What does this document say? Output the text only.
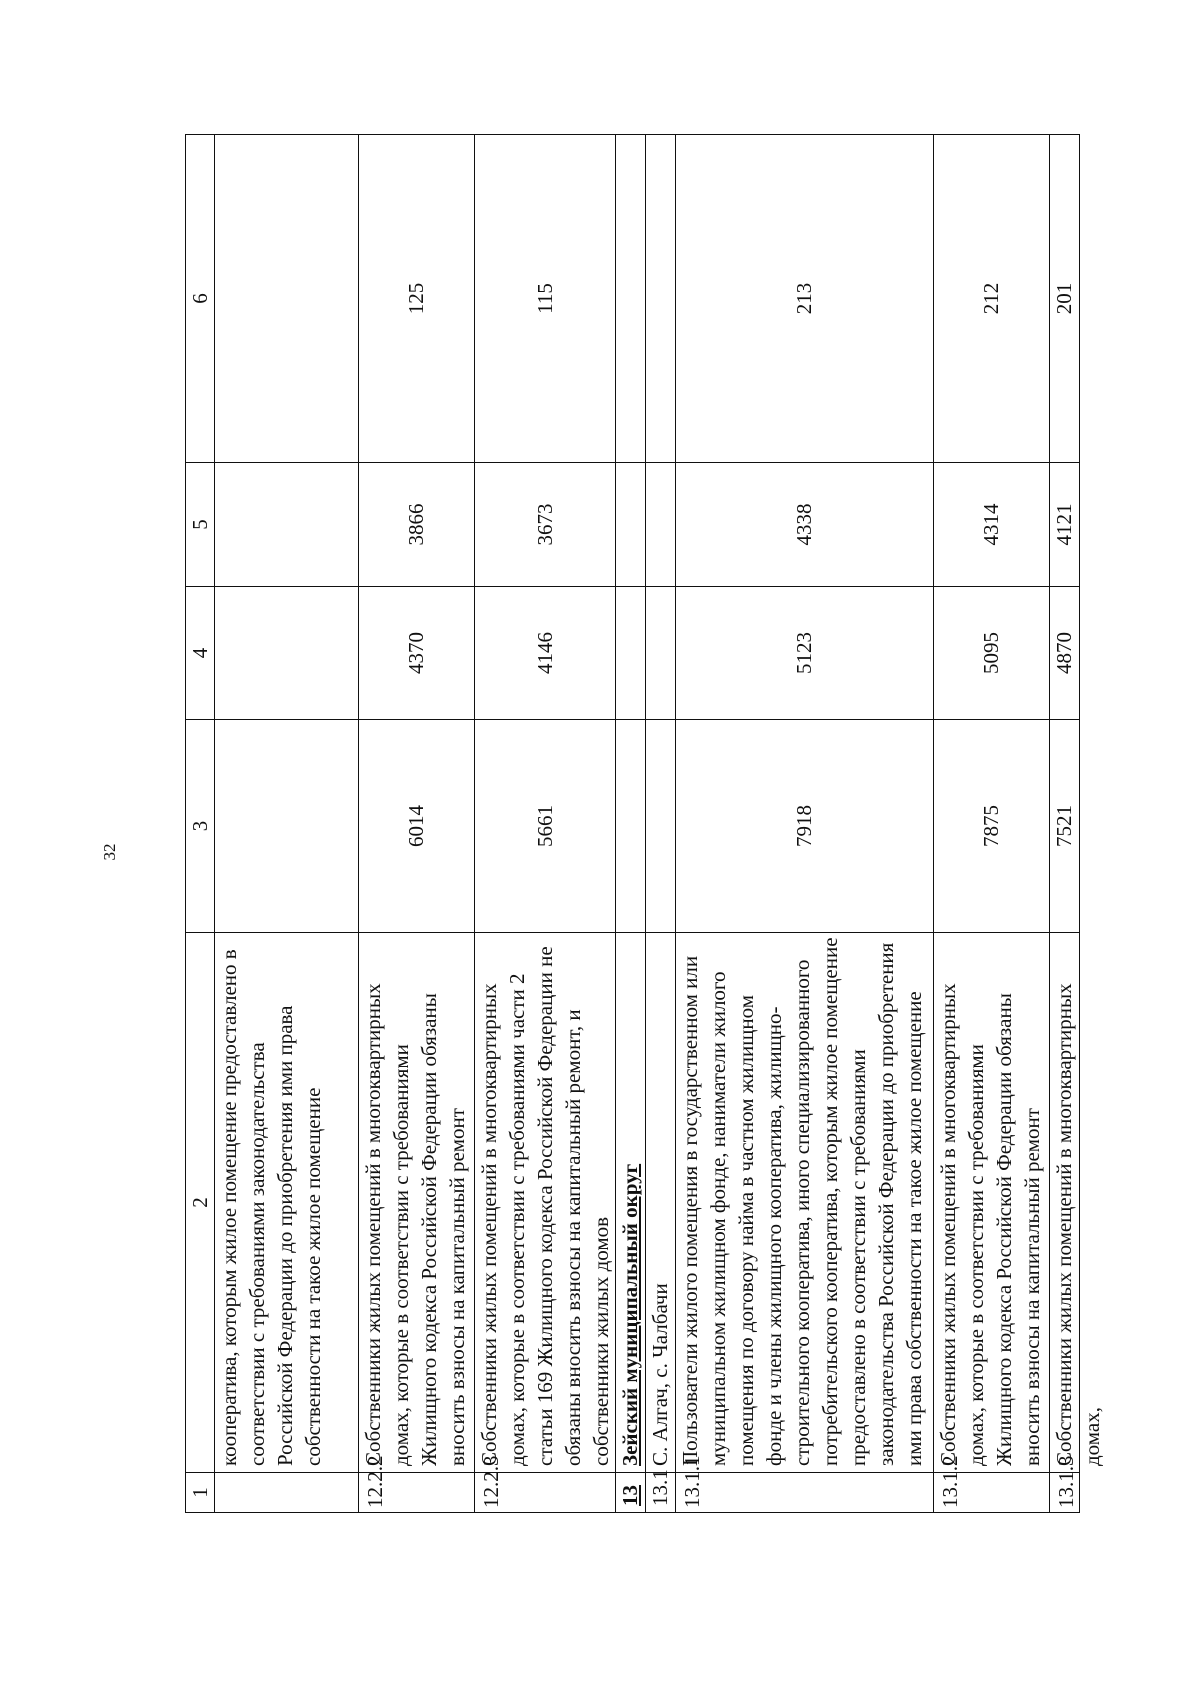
32
1	2	3	4	5	6
	кооператива, которым жилое помещение предоставлено в соответствии с требованиями законодательства Российской Федерации до приобретения ими права собственности на такое жилое помещение				
12.2.2	Собственники жилых помещений в многоквартирных домах, которые в соответствии с требованиями Жилищного кодекса Российской Федерации обязаны вносить взносы на капитальный ремонт	6014	4370	3866	125
12.2.3	Собственники жилых помещений в многоквартирных домах, которые в соответствии с требованиями части 2 статьи 169 Жилищного кодекса Российской Федерации не обязаны вносить взносы на капитальный ремонт, и собственники жилых домов	5661	4146	3673	115
13	Зейский муниципальный округ				
13.1	С. Алгач, с. Чалбачи				
13.1.1	Пользователи жилого помещения в государственном или муниципальном жилищном фонде, наниматели жилого помещения по договору найма в частном жилищном фонде и члены жилищного кооператива, жилищно-строительного кооператива, иного специализированного потребительского кооператива, которым жилое помещение предоставлено в соответствии с требованиями законодательства Российской Федерации до приобретения ими права собственности на такое жилое помещение	7918	5123	4338	213
13.1.2	Собственники жилых помещений в многоквартирных домах, которые в соответствии с требованиями Жилищного кодекса Российской Федерации обязаны вносить взносы на капитальный ремонт	7875	5095	4314	212
13.1.3	Собственники жилых помещений в многоквартирных домах,	7521	4870	4121	201
